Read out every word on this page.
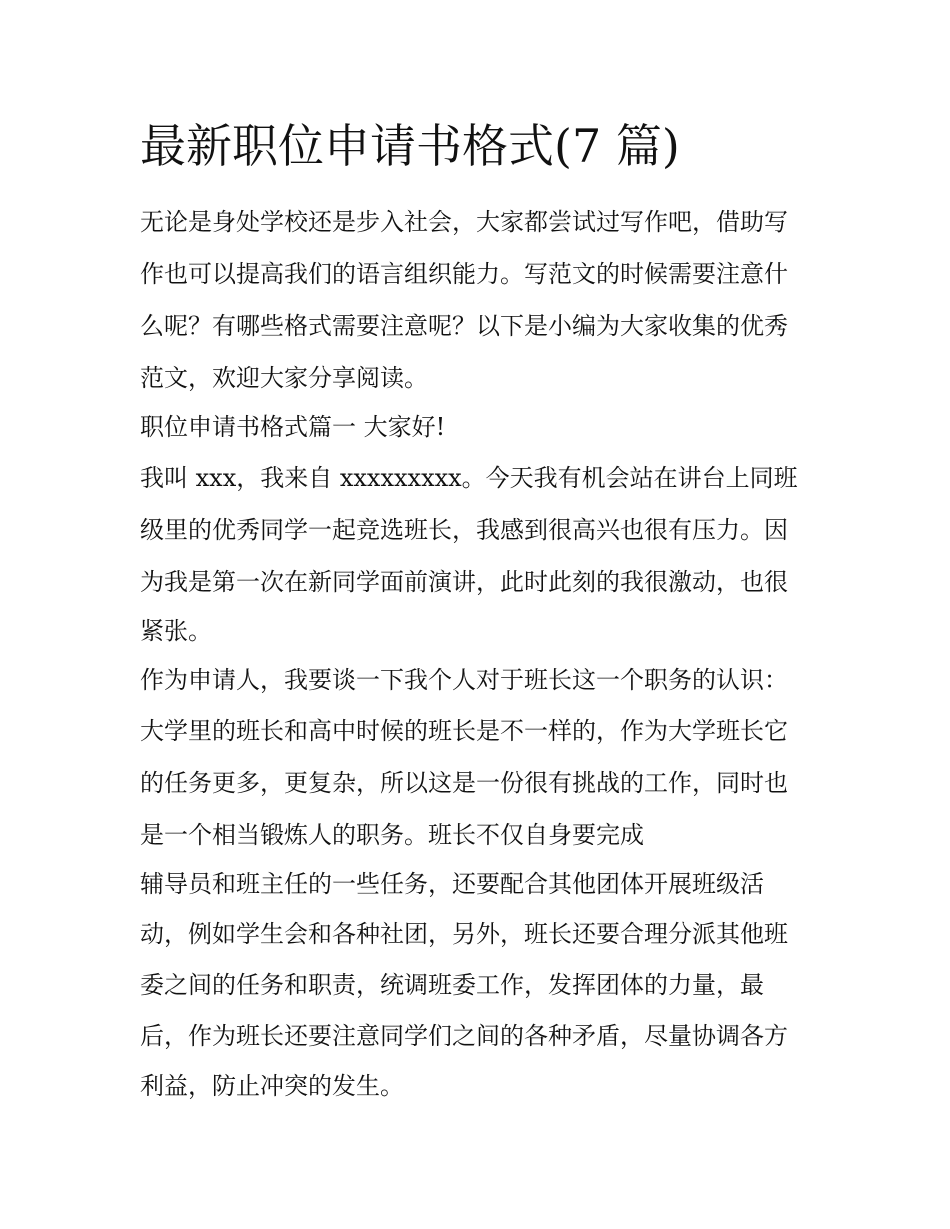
最新职位申请书格式(7 篇)

无论是身处学校还是步入社会，大家都尝试过写作吧，借助写

作也可以提高我们的语言组织能力。写范文的时候需要注意什

么呢？有哪些格式需要注意呢？以下是小编为大家收集的优秀

范文，欢迎大家分享阅读。

职位申请书格式篇一 大家好!

我叫 xxx，我来自 xxxxxxxxx。今天我有机会站在讲台上同班

级里的优秀同学一起竞选班长，我感到很高兴也很有压力。因

为我是第一次在新同学面前演讲，此时此刻的我很激动，也很

紧张。

作为申请人，我要谈一下我个人对于班长这一个职务的认识：

大学里的班长和高中时候的班长是不一样的，作为大学班长它

的任务更多，更复杂，所以这是一份很有挑战的工作，同时也

是一个相当锻炼人的职务。班长不仅自身要完成

辅导员和班主任的一些任务，还要配合其他团体开展班级活

动，例如学生会和各种社团，另外，班长还要合理分派其他班

委之间的任务和职责，统调班委工作，发挥团体的力量，最

后，作为班长还要注意同学们之间的各种矛盾，尽量协调各方

利益，防止冲突的发生。
